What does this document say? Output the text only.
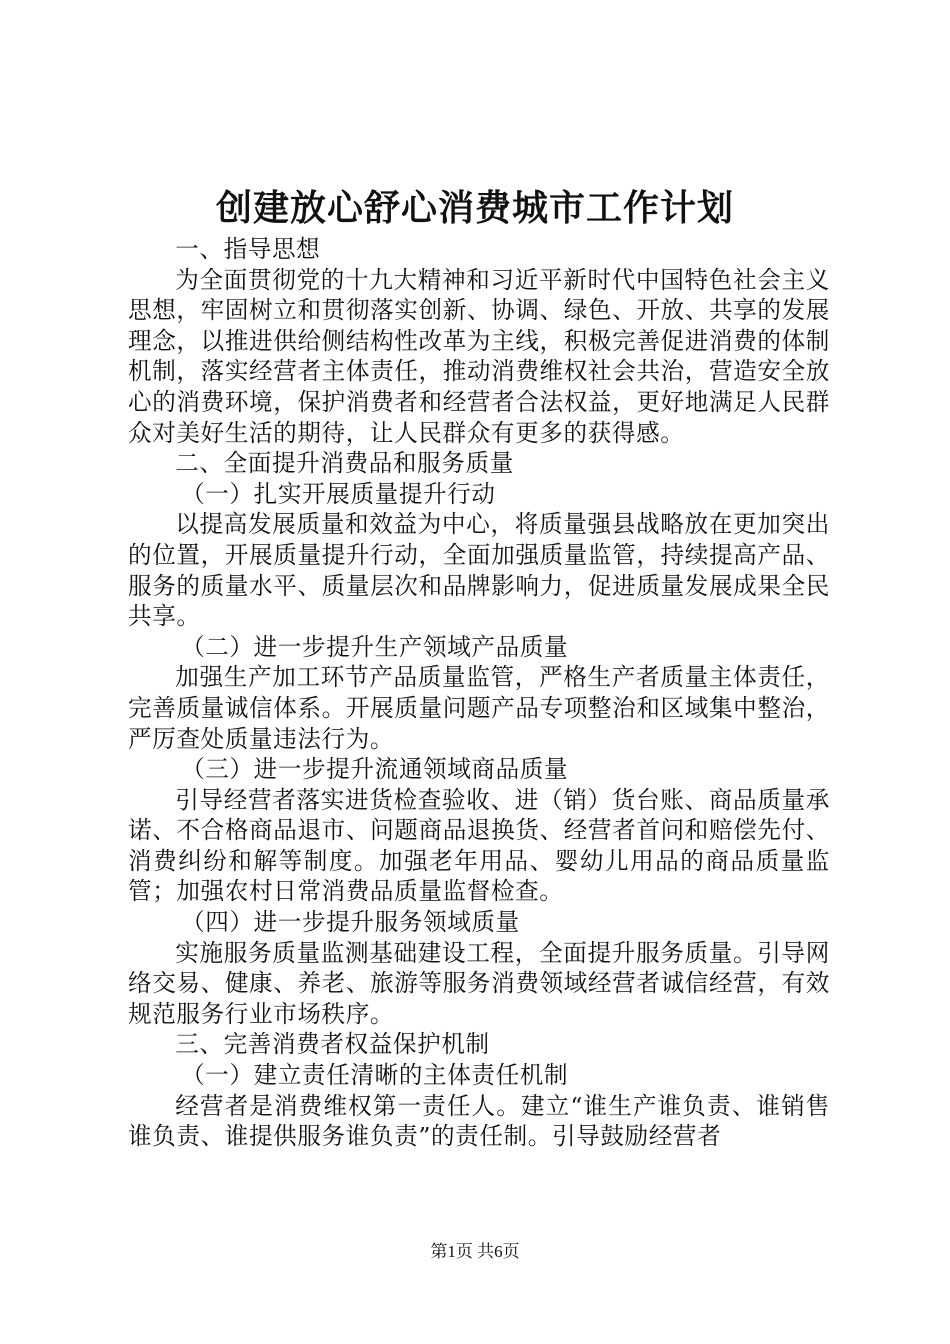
创建放心舒心消费城市工作计划

一、指导思想

为全面贯彻党的十九大精神和习近平新时代中国特色社会主义思想，牢固树立和贯彻落实创新、协调、绿色、开放、共享的发展理念，以推进供给侧结构性改革为主线，积极完善促进消费的体制机制，落实经营者主体责任，推动消费维权社会共治，营造安全放心的消费环境，保护消费者和经营者合法权益，更好地满足人民群众对美好生活的期待，让人民群众有更多的获得感。

二、全面提升消费品和服务质量

（一）扎实开展质量提升行动

以提高发展质量和效益为中心，将质量强县战略放在更加突出的位置，开展质量提升行动，全面加强质量监管，持续提高产品、服务的质量水平、质量层次和品牌影响力，促进质量发展成果全民共享。

（二）进一步提升生产领域产品质量

加强生产加工环节产品质量监管，严格生产者质量主体责任，完善质量诚信体系。开展质量问题产品专项整治和区域集中整治，严厉查处质量违法行为。

（三）进一步提升流通领域商品质量

引导经营者落实进货检查验收、进（销）货台账、商品质量承诺、不合格商品退市、问题商品退换货、经营者首问和赔偿先付、消费纠纷和解等制度。加强老年用品、婴幼儿用品的商品质量监管；加强农村日常消费品质量监督检查。

（四）进一步提升服务领域质量

实施服务质量监测基础建设工程，全面提升服务质量。引导网络交易、健康、养老、旅游等服务消费领域经营者诚信经营，有效规范服务行业市场秩序。

三、完善消费者权益保护机制

（一）建立责任清晰的主体责任机制

经营者是消费维权第一责任人。建立“谁生产谁负责、谁销售谁负责、谁提供服务谁负责”的责任制。引导鼓励经营者

第1页 共6页
